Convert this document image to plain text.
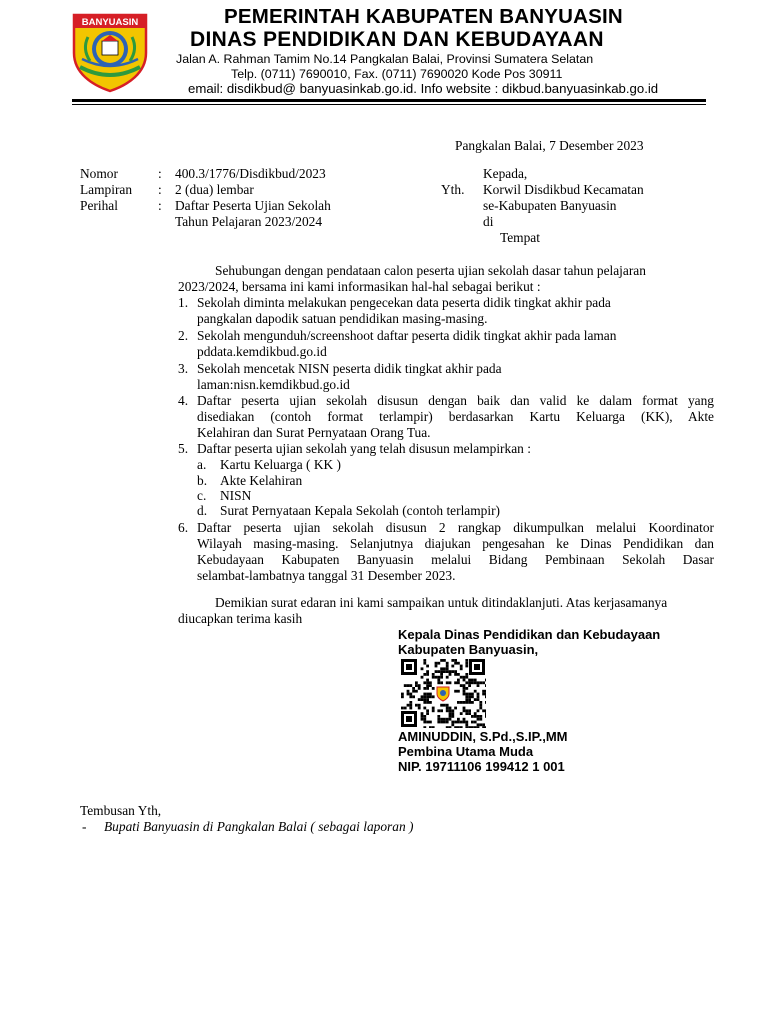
BANYUASIN	PEMERINTAH KABUPATEN BANYUASIN
DINAS PENDIDIKAN DAN KEBUDAYAAN
Jalan A. Rahman Tamim No.14 Pangkalan Balai, Provinsi Sumatera Selatan
Telp. (0711) 7690010, Fax. (0711) 7690020 Kode Pos 30911
email: disdikbud@ banyuasinkab.go.id. Info website : dikbud.banyuasinkab.go.id
Pangkalan Balai, 7 Desember 2023
Nomor	: 400.3/1776/Disdikbud/2023
Lampiran : 2 (dua) lembar
Perihal	: Daftar Peserta Ujian Sekolah
Tahun Pelajaran 2023/2024
Kepada,
Yth. Korwil Disdikbud Kecamatan
se-Kabupaten Banyuasin
di
Tempat
Sehubungan dengan pendataan calon peserta ujian sekolah dasar tahun pelajaran
2023/2024, bersama ini kami informasikan hal-hal sebagai berikut :
1. Sekolah diminta melakukan pengecekan data peserta didik tingkat akhir pada
pangkalan dapodik satuan pendidikan masing-masing.
2. Sekolah mengunduh/screenshoot daftar peserta didik tingkat akhir pada laman
pddata.kemdikbud.go.id
3. Sekolah mencetak NISN peserta didik tingkat akhir pada
laman:nisn.kemdikbud.go.id
4. Daftar peserta ujian sekolah disusun dengan baik dan valid ke dalam format yang
disediakan (contoh format terlampir) berdasarkan Kartu Keluarga (KK), Akte
Kelahiran dan Surat Pernyataan Orang Tua.
5. Daftar peserta ujian sekolah yang telah disusun melampirkan :
a. Kartu Keluarga ( KK )
b. Akte Kelahiran
c. NISN
d. Surat Pernyataan Kepala Sekolah (contoh terlampir)
6. Daftar peserta ujian sekolah disusun 2 rangkap dikumpulkan melalui Koordinator
Wilayah masing-masing. Selanjutnya diajukan pengesahan ke Dinas Pendidikan dan
Kebudayaan Kabupaten Banyuasin melalui Bidang Pembinaan Sekolah Dasar
selambat-lambatnya tanggal 31 Desember 2023.
Demikian surat edaran ini kami sampaikan untuk ditindaklanjuti. Atas kerjasamanya
diucapkan terima kasih
Kepala Dinas Pendidikan dan Kebudayaan
Kabupaten Banyuasin,
AMINUDDIN, S.Pd.,S.IP.,MM
Pembina Utama Muda
NIP. 19711106 199412 1 001
Tembusan Yth,
- Bupati Banyuasin di Pangkalan Balai ( sebagai laporan )
